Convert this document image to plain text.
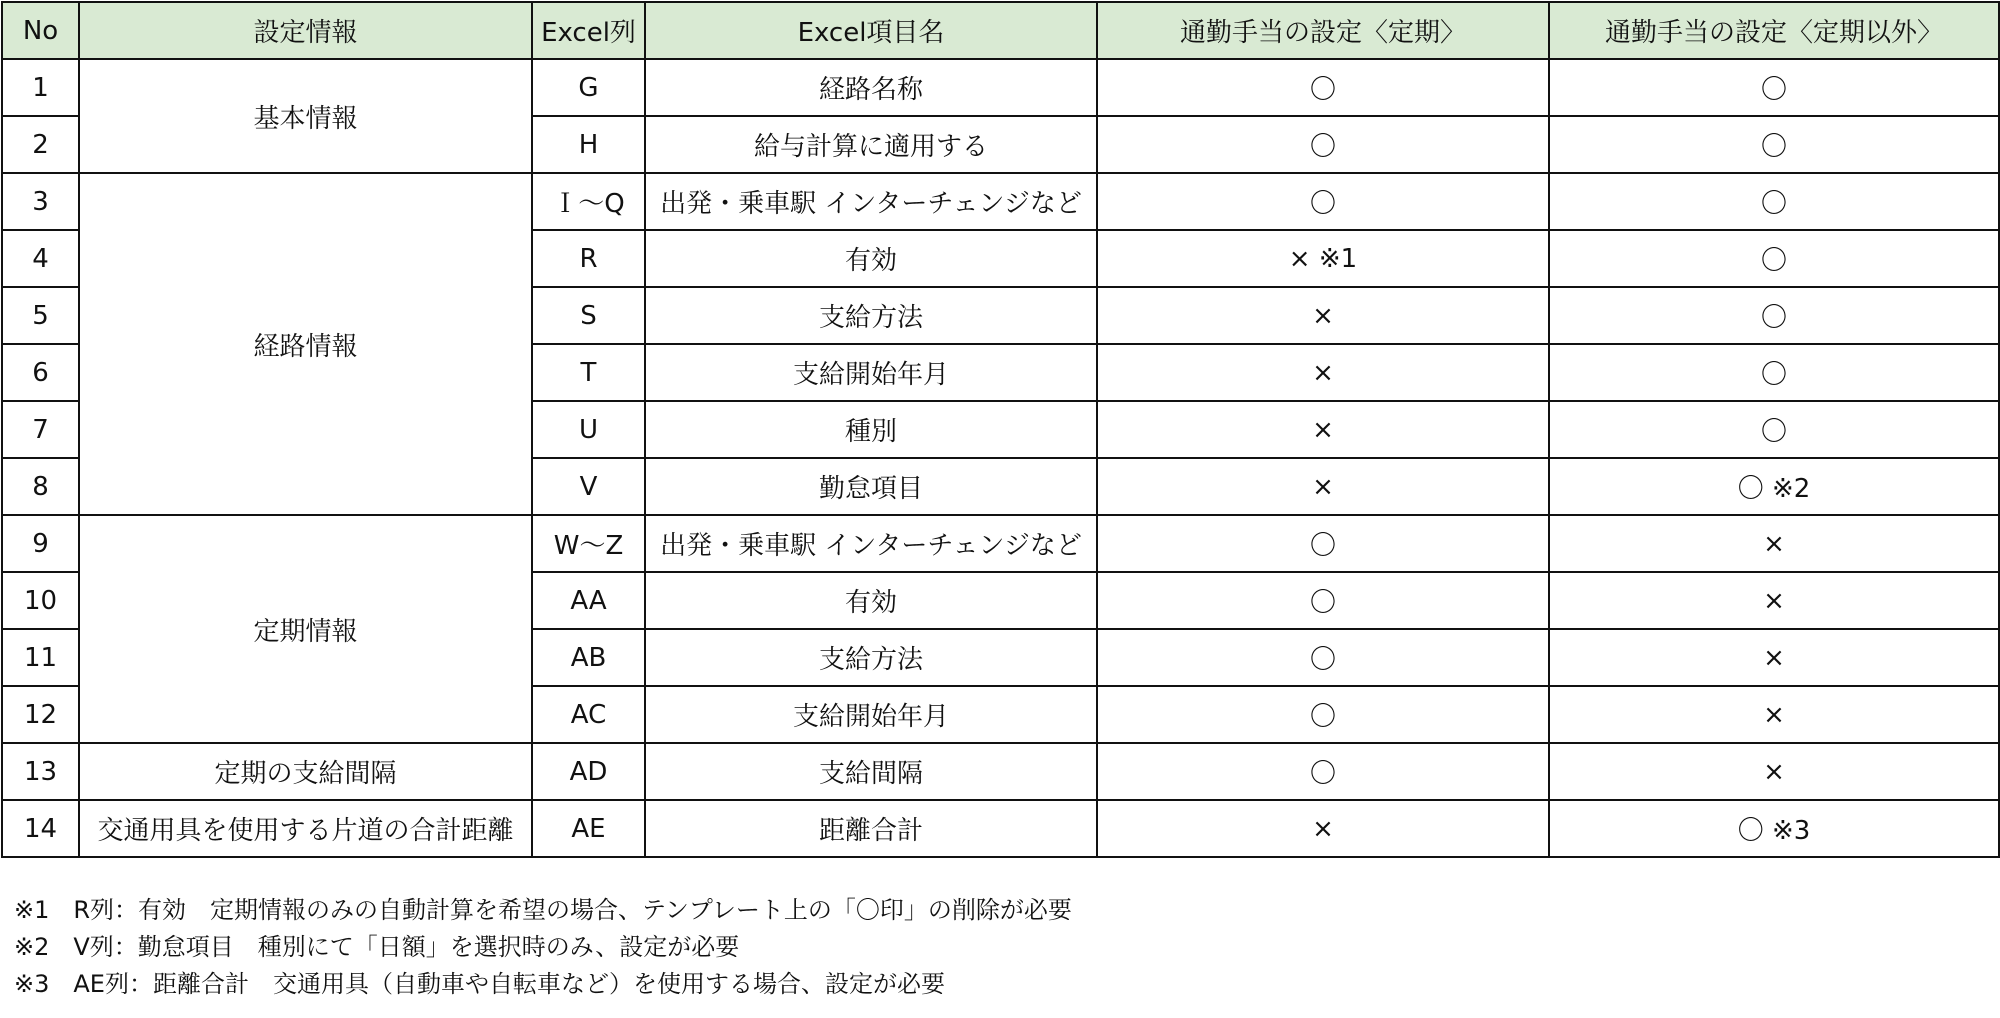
No	設定情報	Excel列	Excel項目名	通勤手当の設定〈定期〉	通勤手当の設定〈定期以外〉
1	基本情報	G	経路名称	〇	〇
2		H	給与計算に適用する	〇	〇
3	経路情報	Ｉ～Q	出発・乗車駅 インターチェンジなど	〇	〇
4		R	有効	× ※1	〇
5		S	支給方法	×	〇
6		T	支給開始年月	×	〇
7		U	種別	×	〇
8		V	勤怠項目	×	〇 ※2
9	定期情報	W～Z	出発・乗車駅 インターチェンジなど	〇	×
10		AA	有効	〇	×
11		AB	支給方法	〇	×
12		AC	支給開始年月	〇	×
13	定期の支給間隔	AD	支給間隔	〇	×
14	交通用具を使用する片道の合計距離	AE	距離合計	×	〇 ※3
※1　R列：有効　定期情報のみの自動計算を希望の場合、テンプレート上の「〇印」の削除が必要
※2　V列：勤怠項目　種別にて「日額」を選択時のみ、設定が必要
※3　AE列：距離合計　交通用具（自動車や自転車など）を使用する場合、設定が必要
